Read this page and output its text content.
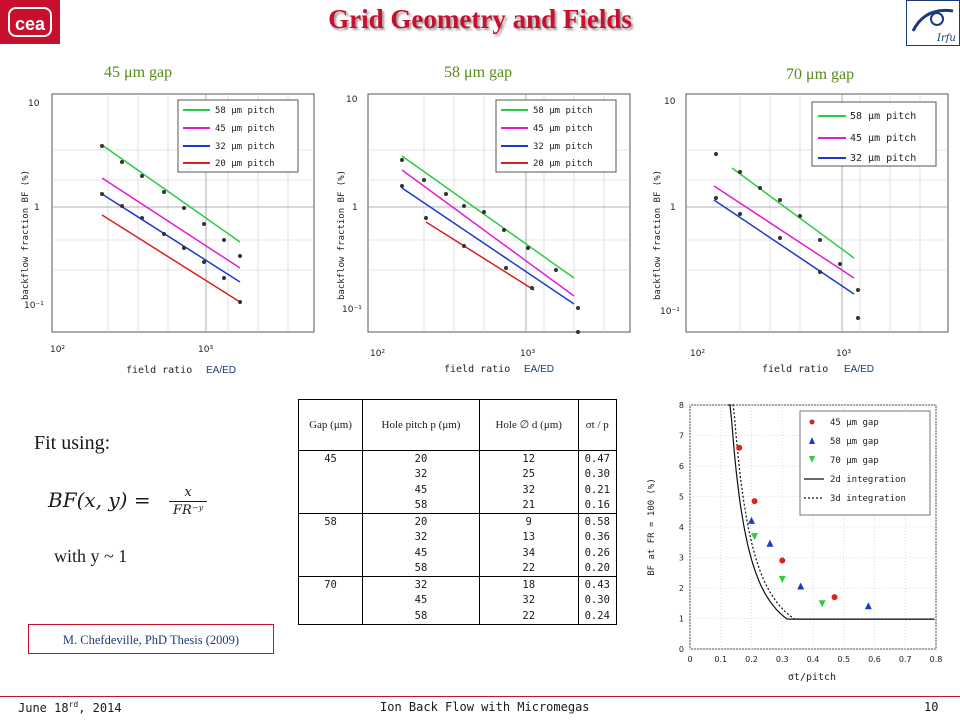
cea	Grid Geometry and Fields
Irfu
45 μm gap	58 μm gap	70 μm gap
58 μm pitch
45 μm pitch
32 μm pitch
20 μm pitch
10
1
10⁻¹
10²	10³
field ratio EA/ED
backflow fraction BF (%)
58 μm pitch
45 μm pitch
32 μm pitch
20 μm pitch
10
1
10⁻¹
10²	10³
field ratio EA/ED
backflow fraction BF (%)
58 μm pitch
45 μm pitch
32 μm pitch
10
1
10⁻¹
10²	10³
field ratio EA/ED
backflow fraction BF (%)
Fit using:
BF(x, $y) = \frac{x}{\text{FR⁻ʸ}}$
with y ~ 1
M. Chefdeville, PhD Thesis (2009)
Gap (μm)	Hole pitch p (μm)	Hole ∅ d (μm)	σt / p
45	20	12	0.47
	32	25	0.30
	45	32	0.21
	58	21	0.16
58	20	9	0.58
	32	13	0.36
	45	34	0.26
	58	22	0.20
70	32	18	0.43
	45	32	0.30
	58	22	0.24
0	0.1 0.2 0.3 0.4 0.5 0.6 0.7 0.8
0
1
2
3
4
5
6
7
8
45 μm gap
58 μm gap
70 μm gap
2d integration
3d integration
σt/pitch
BF at FR = 100 (%)
June 18rd, 2014	Ion Back Flow with Micromegas	10
